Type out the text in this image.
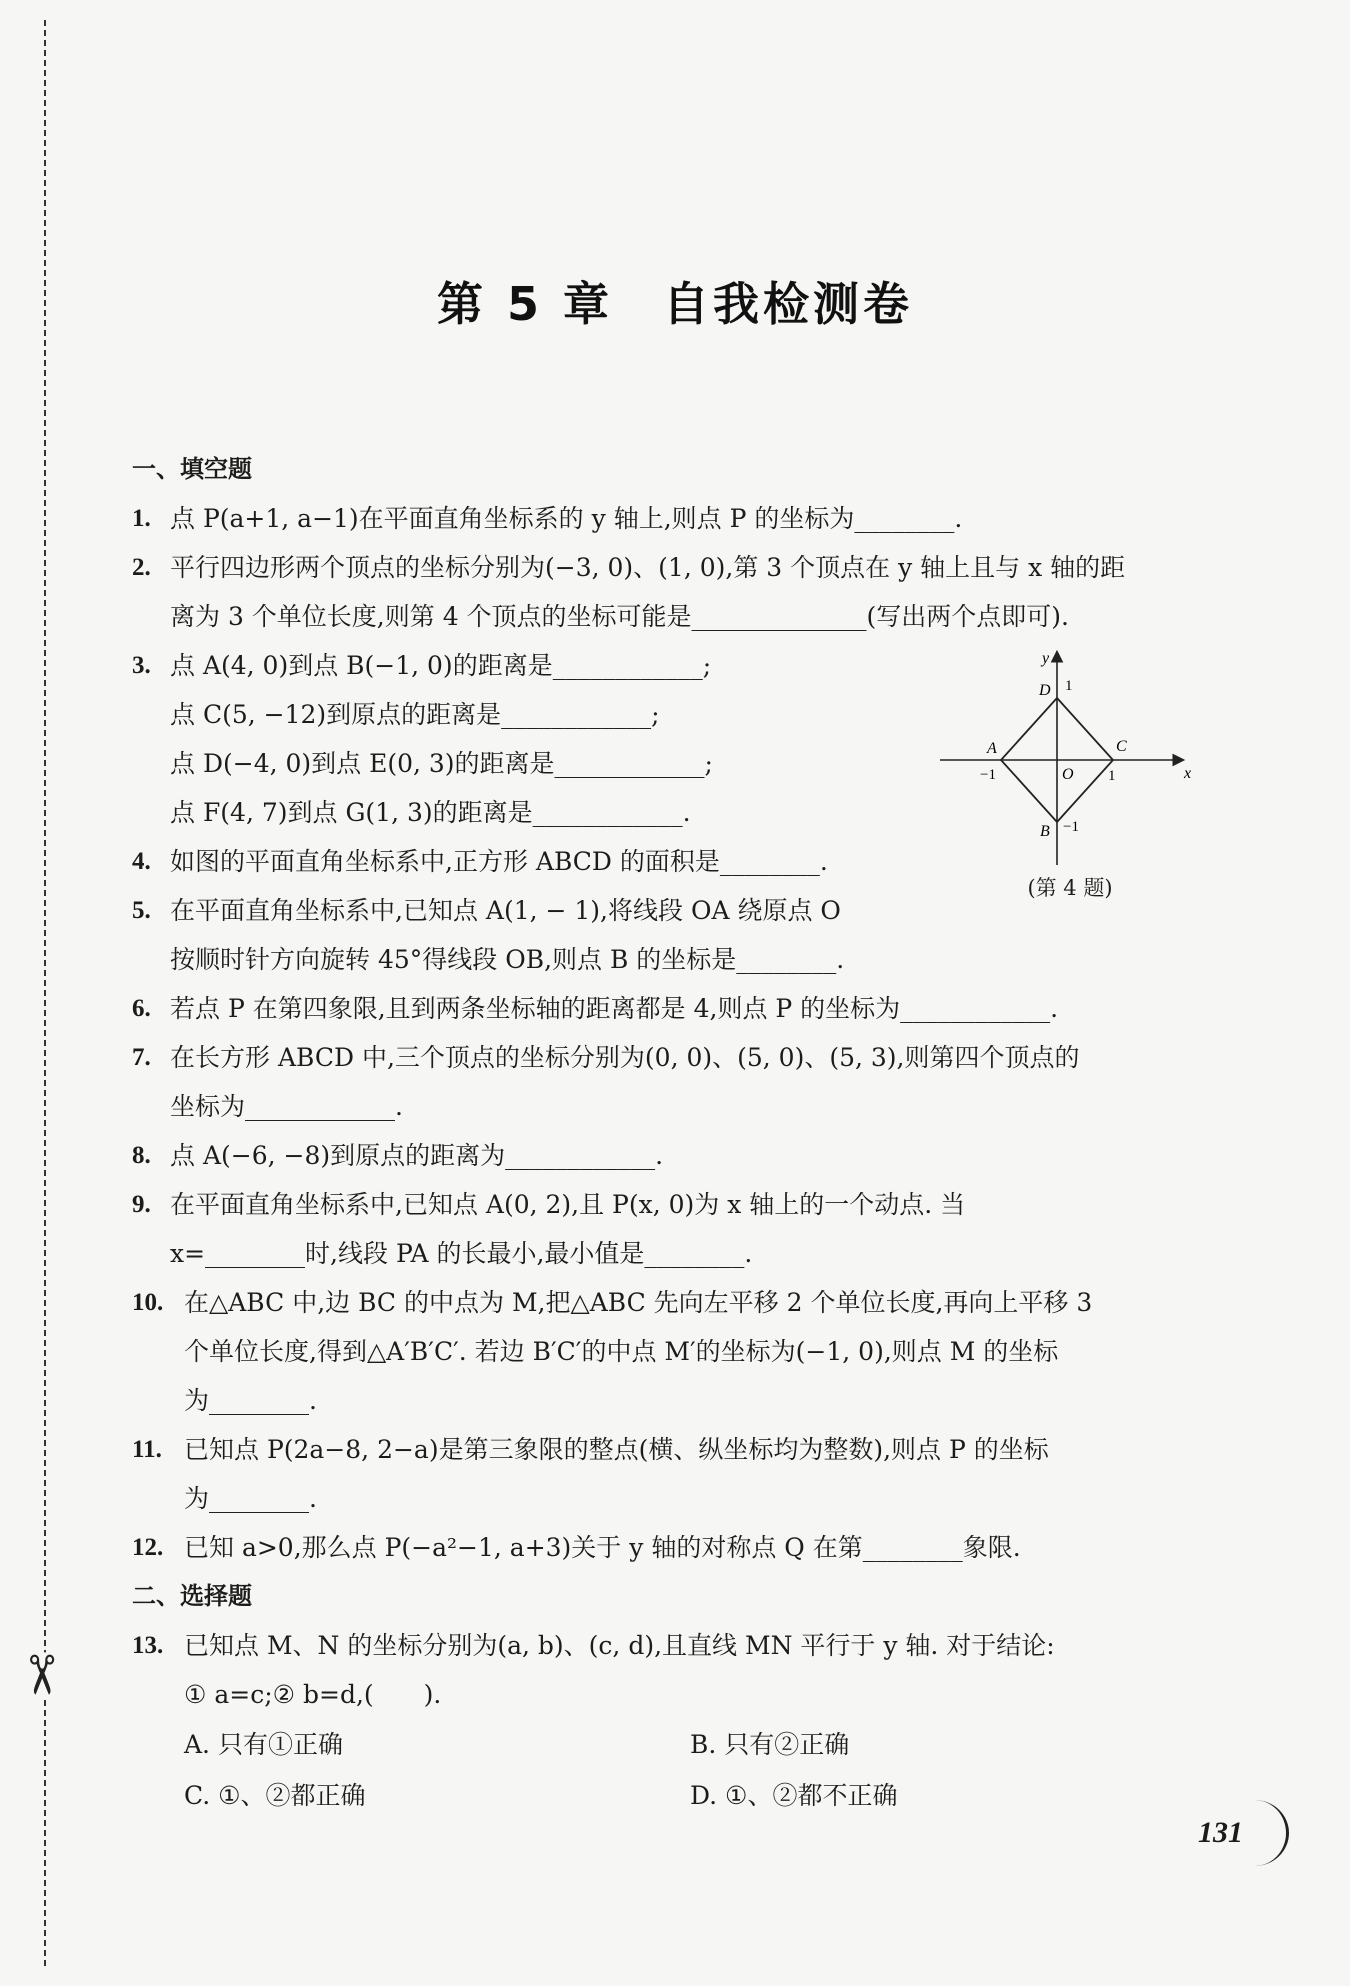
✂
第 5 章　自我检测卷
一、填空题
1. 点 P(a+1, a−1)在平面直角坐标系的 y 轴上,则点 P 的坐标为________.
2. 平行四边形两个顶点的坐标分别为(−3, 0)、(1, 0),第 3 个顶点在 y 轴上且与 x 轴的距
离为 3 个单位长度,则第 4 个顶点的坐标可能是______________(写出两个点即可).
3. 点 A(4, 0)到点 B(−1, 0)的距离是____________;
点 C(5, −12)到原点的距离是____________;
点 D(−4, 0)到点 E(0, 3)的距离是____________;
点 F(4, 7)到点 G(1, 3)的距离是____________.
4. 如图的平面直角坐标系中,正方形 ABCD 的面积是________.
5. 在平面直角坐标系中,已知点 A(1, − 1),将线段 OA 绕原点 O
按顺时针方向旋转 45°得线段 OB,则点 B 的坐标是________.
6. 若点 P 在第四象限,且到两条坐标轴的距离都是 4,则点 P 的坐标为____________.
7. 在长方形 ABCD 中,三个顶点的坐标分别为(0, 0)、(5, 0)、(5, 3),则第四个顶点的
坐标为____________.
8. 点 A(−6, −8)到原点的距离为____________.
9. 在平面直角坐标系中,已知点 A(0, 2),且 P(x, 0)为 x 轴上的一个动点. 当
x=________时,线段 PA 的长最小,最小值是________.
10. 在△ABC 中,边 BC 的中点为 M,把△ABC 先向左平移 2 个单位长度,再向上平移 3
个单位长度,得到△A′B′C′. 若边 B′C′的中点 M′的坐标为(−1, 0),则点 M 的坐标
为________.
11. 已知点 P(2a−8, 2−a)是第三象限的整点(横、纵坐标均为整数),则点 P 的坐标
为________.
12. 已知 a>0,那么点 P(−a²−1, a+3)关于 y 轴的对称点 Q 在第________象限.
二、选择题
13. 已知点 M、N 的坐标分别为(a, b)、(c, d),且直线 MN 平行于 y 轴. 对于结论:
① a=c;② b=d,(　　).
A. 只有①正确	B. 只有②正确
C. ①、②都正确	D. ①、②都不正确
y
x
O
A
B
C
D 1
1
−1
−1
(第 4 题)
131
